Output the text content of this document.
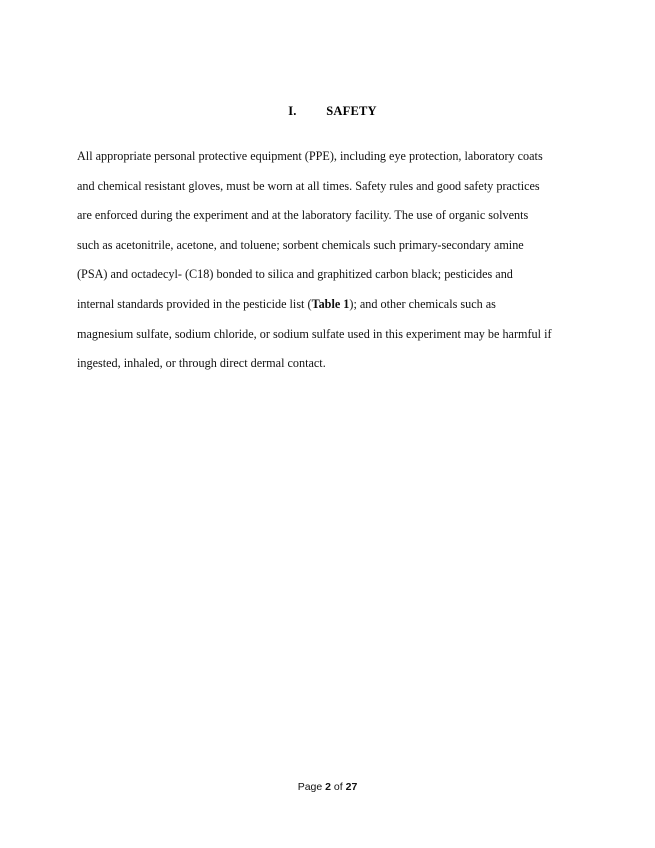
I. SAFETY
All appropriate personal protective equipment (PPE), including eye protection, laboratory coats
and chemical resistant gloves, must be worn at all times. Safety rules and good safety practices
are enforced during the experiment and at the laboratory facility. The use of organic solvents
such as acetonitrile, acetone, and toluene; sorbent chemicals such primary-secondary amine
(PSA) and octadecyl- (C18) bonded to silica and graphitized carbon black; pesticides and
internal standards provided in the pesticide list (Table 1); and other chemicals such as
magnesium sulfate, sodium chloride, or sodium sulfate used in this experiment may be harmful if
ingested, inhaled, or through direct dermal contact.
Page 2 of 27
